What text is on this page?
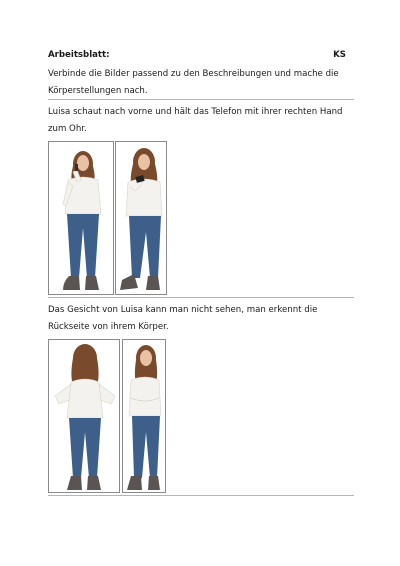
Arbeitsblatt:	KS
Verbinde die Bilder passend zu den Beschreibungen und mache die Körperstellungen nach.
Luisa schaut nach vorne und hält das Telefon mit ihrer rechten Hand zum Ohr.
Das Gesicht von Luisa kann man nicht sehen, man erkennt die Rückseite von ihrem Körper.
